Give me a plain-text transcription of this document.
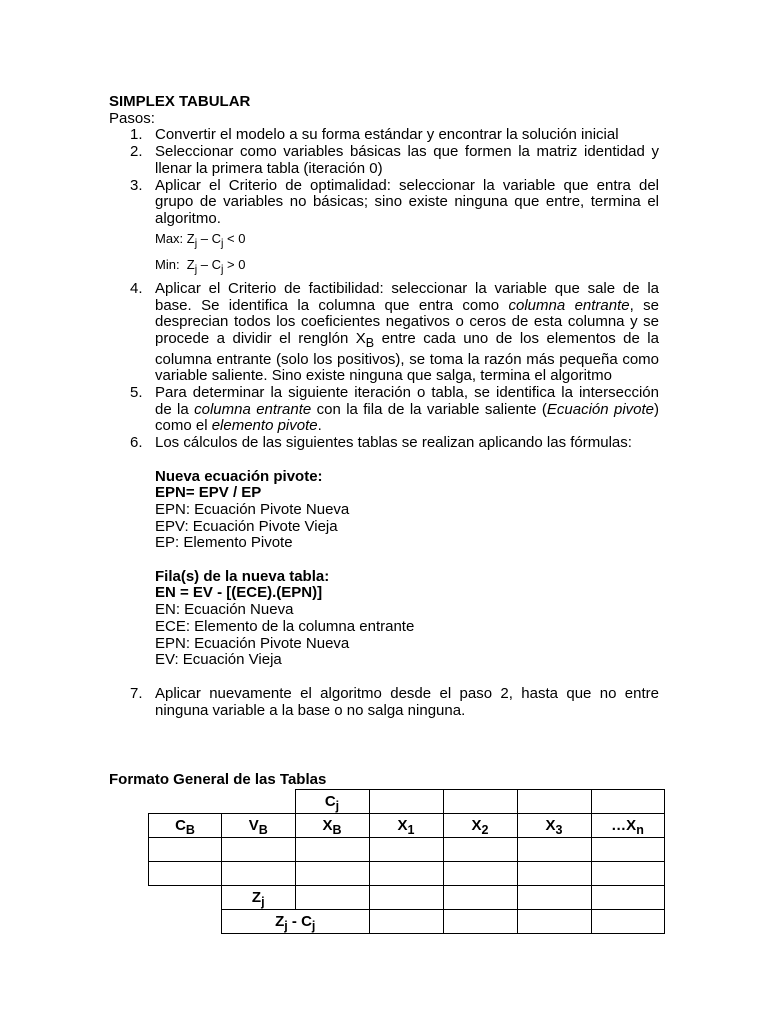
SIMPLEX TABULAR

Pasos:
1. Convertir el modelo a su forma estándar y encontrar la solución inicial
2. Seleccionar como variables básicas las que formen la matriz identidad y llenar la primera tabla (iteración 0)
3. Aplicar el Criterio de optimalidad: seleccionar la variable que entra del grupo de variables no básicas; sino existe ninguna que entre, termina el algoritmo.
Max: $Z_j - C_j < 0$
Min:  $Z_j - C_j > 0$
4. Aplicar el Criterio de factibilidad: seleccionar la variable que sale de la base. Se identifica la columna que entra como columna entrante, se desprecian todos los coeficientes negativos o ceros de esta columna y se procede a dividir el renglón $X_B$ entre cada uno de los elementos de la columna entrante (solo los positivos), se toma la razón más pequeña como variable saliente. Sino existe ninguna que salga, termina el algoritmo
5. Para determinar la siguiente iteración o tabla, se identifica la intersección de la columna entrante con la fila de la variable saliente (Ecuación pivote) como el elemento pivote.
6. Los cálculos de las siguientes tablas se realizan aplicando las fórmulas:
Nueva ecuación pivote:
EPN= EPV / EP
EPN: Ecuación Pivote Nueva
EPV: Ecuación Pivote Vieja
EP: Elemento Pivote
Fila(s) de la nueva tabla:
EN = EV - [(ECE).(EPN)]
EN: Ecuación Nueva
ECE: Elemento de la columna entrante
EPN: Ecuación Pivote Nueva
EV: Ecuación Vieja
7. Aplicar nuevamente el algoritmo desde el paso 2, hasta que no entre ninguna variable a la base o no salga ninguna.
Formato General de las Tablas
		$C_j$				
$C_B$	$V_B$	$X_B$	$X_1$	$X_2$	$X_3$	$\dots X_n$

	$Z_j$					
	$Z_j - C_j$				
